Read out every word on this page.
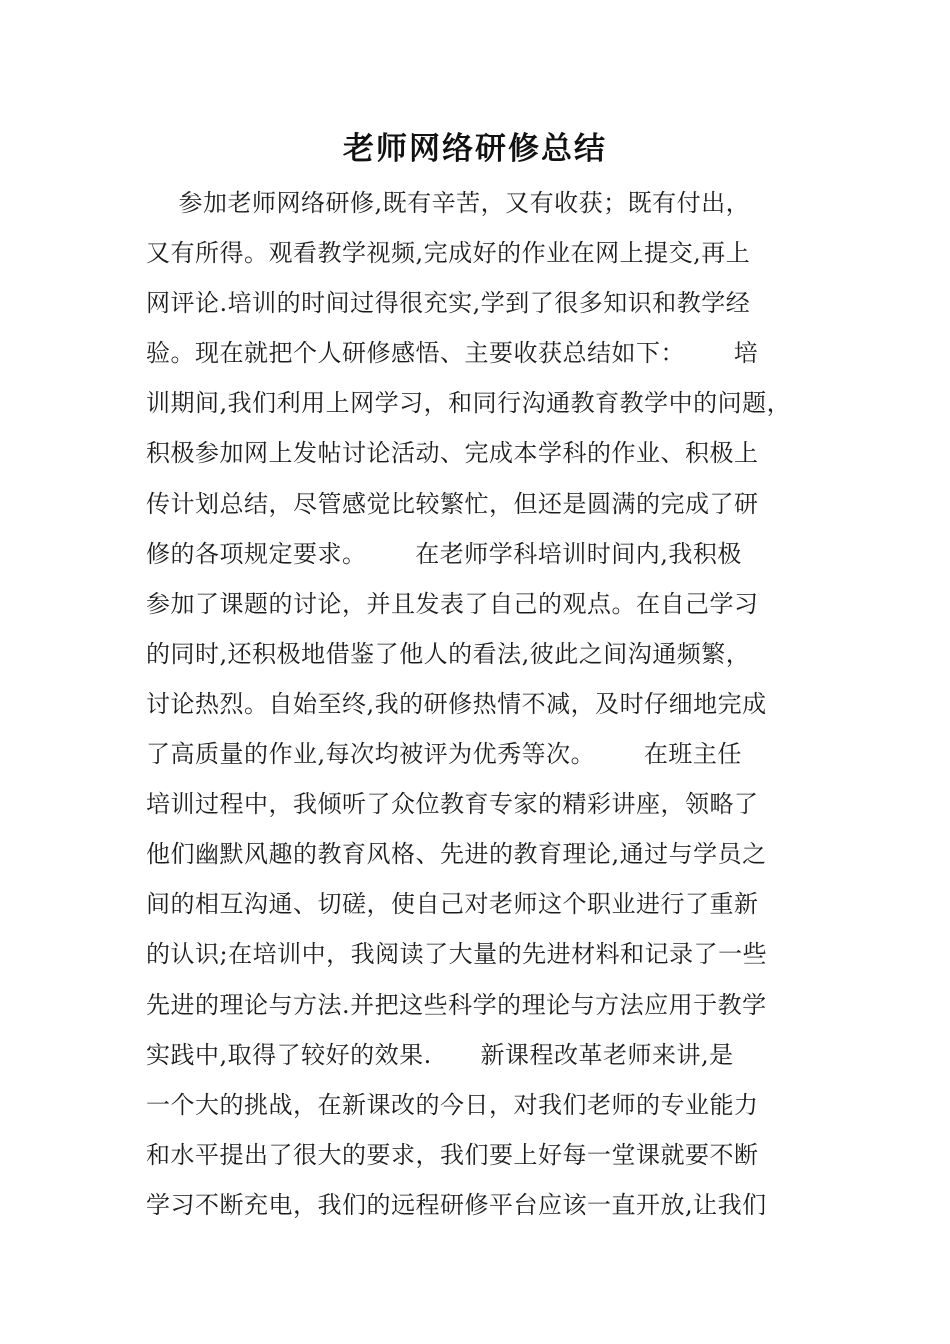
老师网络研修总结
参加老师网络研修,既有辛苦，又有收获；既有付出，
又有所得。观看教学视频,完成好的作业在网上提交,再上
网评论.培训的时间过得很充实,学到了很多知识和教学经
验。现在就把个人研修感悟、主要收获总结如下：      培
训期间,我们利用上网学习，和同行沟通教育教学中的问题，
积极参加网上发帖讨论活动、完成本学科的作业、积极上
传计划总结，尽管感觉比较繁忙，但还是圆满的完成了研
修的各项规定要求。      在老师学科培训时间内,我积极
参加了课题的讨论，并且发表了自己的观点。在自己学习
的同时,还积极地借鉴了他人的看法,彼此之间沟通频繁，
讨论热烈。自始至终,我的研修热情不减，及时仔细地完成
了高质量的作业,每次均被评为优秀等次。      在班主任
培训过程中，我倾听了众位教育专家的精彩讲座，领略了
他们幽默风趣的教育风格、先进的教育理论,通过与学员之
间的相互沟通、切磋，使自己对老师这个职业进行了重新
的认识;在培训中，我阅读了大量的先进材料和记录了一些
先进的理论与方法.并把这些科学的理论与方法应用于教学
实践中,取得了较好的效果.      新课程改革老师来讲,是
一个大的挑战，在新课改的今日，对我们老师的专业能力
和水平提出了很大的要求，我们要上好每一堂课就要不断
学习不断充电，我们的远程研修平台应该一直开放,让我们
